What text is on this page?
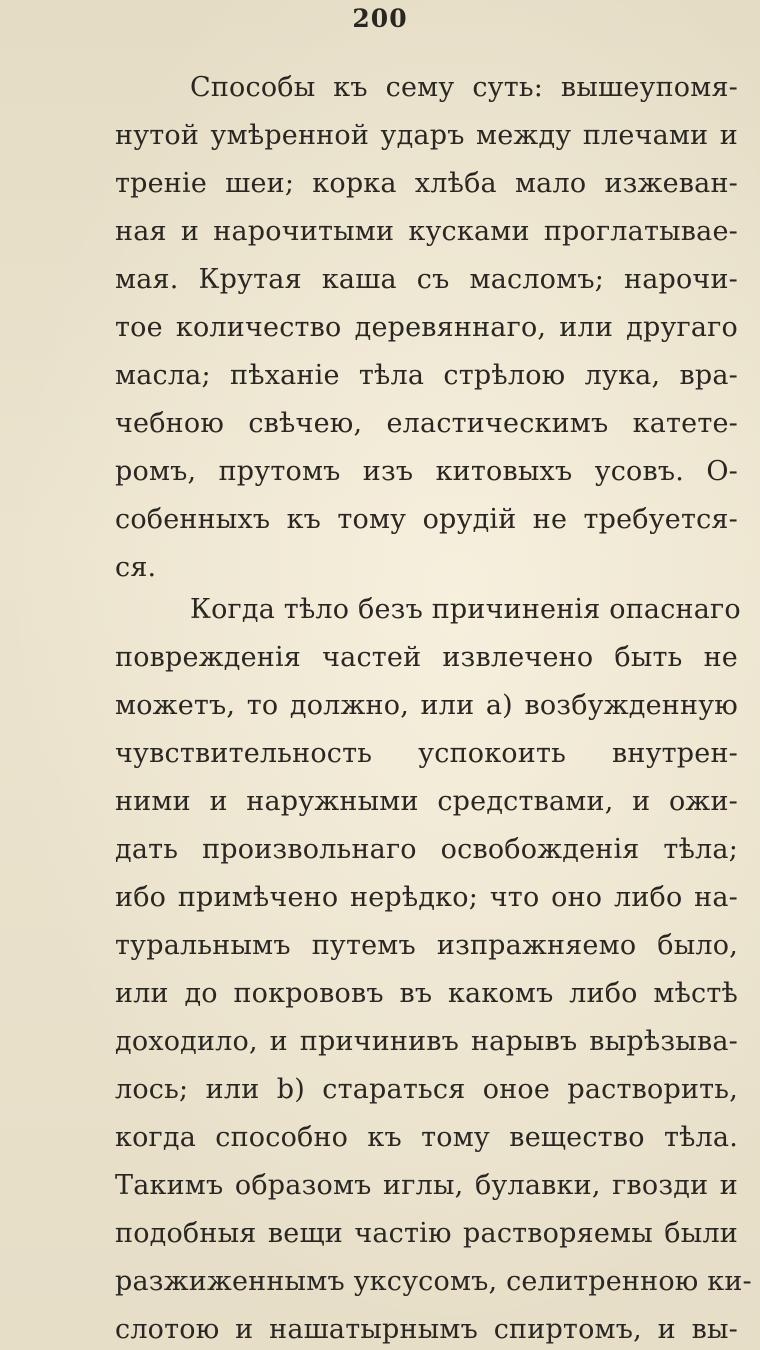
200
Способы къ сему суть: вышеупомя-
нутой умѣренной ударъ между плечами и
треніе шеи; корка хлѣба мало изжеван-
ная и нарочитыми кусками проглатывае-
мая. Крутая каша съ масломъ; нарочи-
тое количество деревяннаго, или другаго
масла; пѣханіе тѣла стрѣлою лука, вра-
чебною свѣчею, еластическимъ катете-
ромъ, прутомъ изъ китовыхъ усовъ. О-
собенныхъ къ тому орудій не требуется-
ся.
Когда тѣло безъ причиненія опаснаго
поврежденія частей извлечено быть не
можетъ, то должно, или а) возбужденную
чувствительность успокоить внутрен-
ними и наружными средствами, и ожи-
дать произвольнаго освобожденія тѣла;
ибо примѣчено нерѣдко; что оно либо на-
туральнымъ путемъ изпражняемо было,
или до покрововъ въ какомъ либо мѣстѣ
доходило, и причинивъ нарывъ вырѣзыва-
лось; или b) стараться оное растворить,
когда способно къ тому вещество тѣла.
Такимъ образомъ иглы, булавки, гвозди и
подобныя вещи частію растворяемы были
разжиженнымъ уксусомъ, селитренною ки-
слотою и нашатырнымъ спиртомъ, и вы-
